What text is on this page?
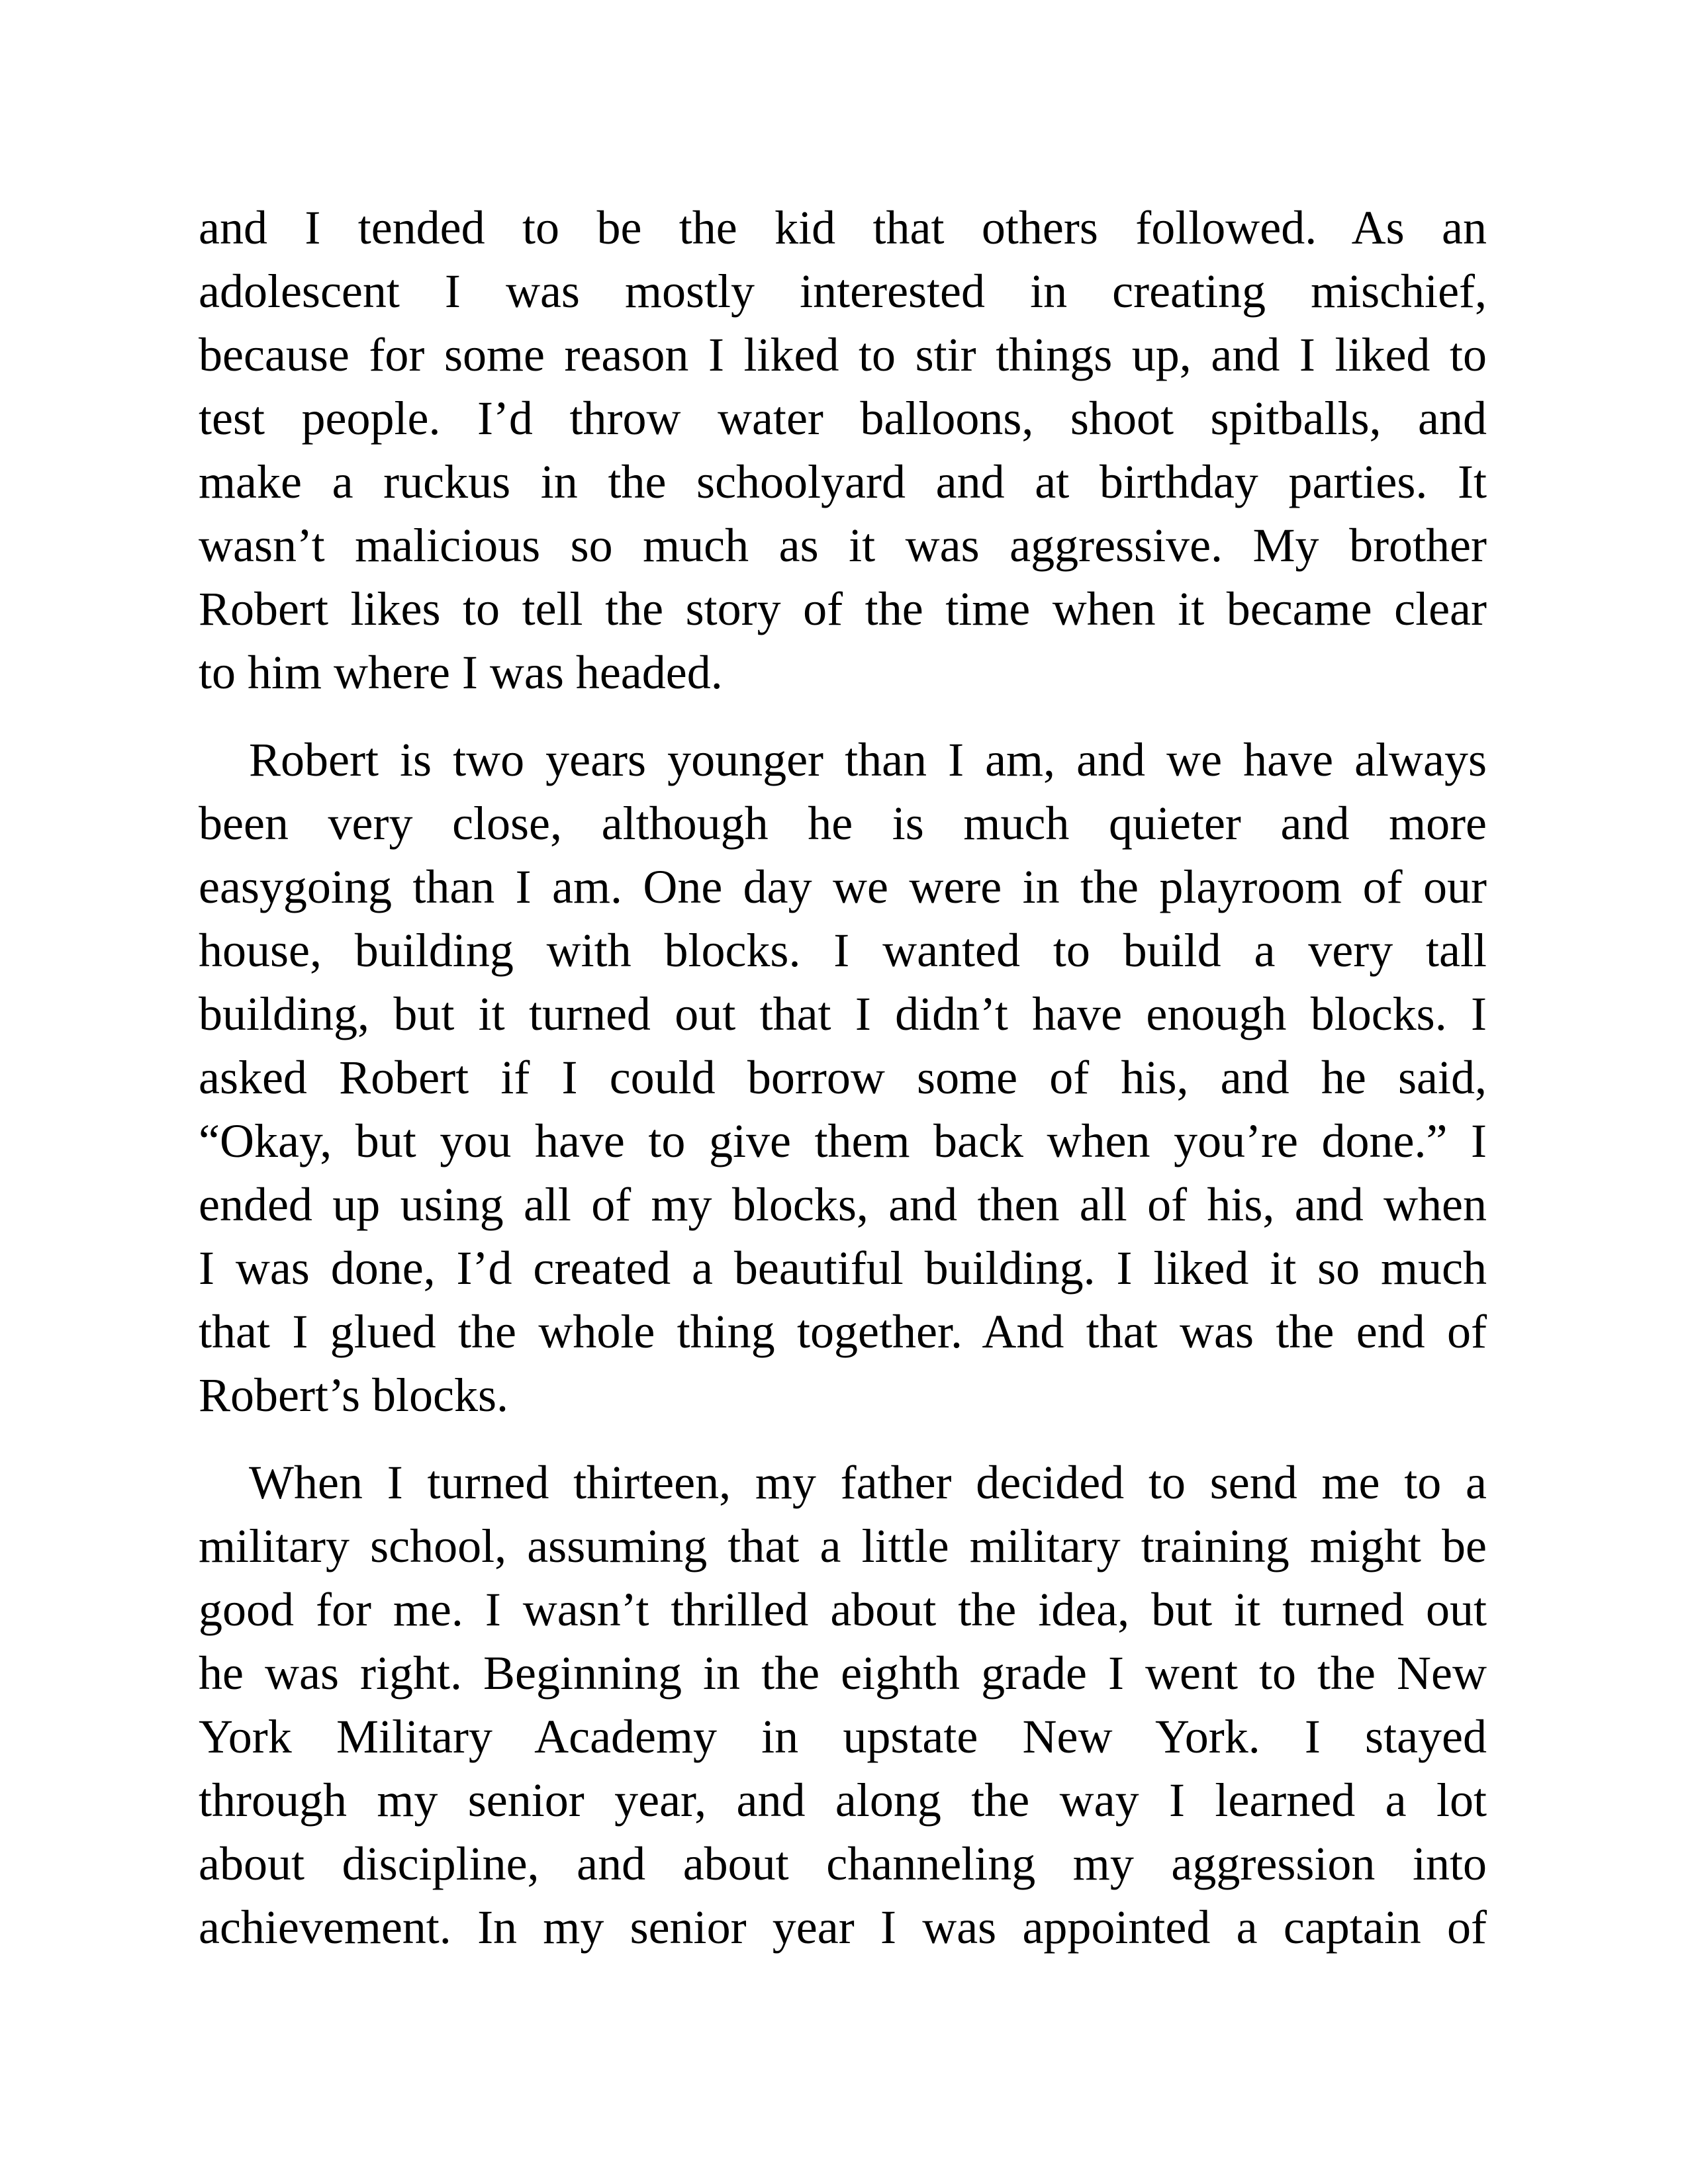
and I tended to be the kid that others followed. As an
adolescent I was mostly interested in creating mischief,
because for some reason I liked to stir things up, and I liked to
test people. I’d throw water balloons, shoot spitballs, and
make a ruckus in the schoolyard and at birthday parties. It
wasn’t malicious so much as it was aggressive. My brother
Robert likes to tell the story of the time when it became clear
to him where I was headed.
Robert is two years younger than I am, and we have always
been very close, although he is much quieter and more
easygoing than I am. One day we were in the playroom of our
house, building with blocks. I wanted to build a very tall
building, but it turned out that I didn’t have enough blocks. I
asked Robert if I could borrow some of his, and he said,
“Okay, but you have to give them back when you’re done.” I
ended up using all of my blocks, and then all of his, and when
I was done, I’d created a beautiful building. I liked it so much
that I glued the whole thing together. And that was the end of
Robert’s blocks.
When I turned thirteen, my father decided to send me to a
military school, assuming that a little military training might be
good for me. I wasn’t thrilled about the idea, but it turned out
he was right. Beginning in the eighth grade I went to the New
York Military Academy in upstate New York. I stayed
through my senior year, and along the way I learned a lot
about discipline, and about channeling my aggression into
achievement. In my senior year I was appointed a captain of
